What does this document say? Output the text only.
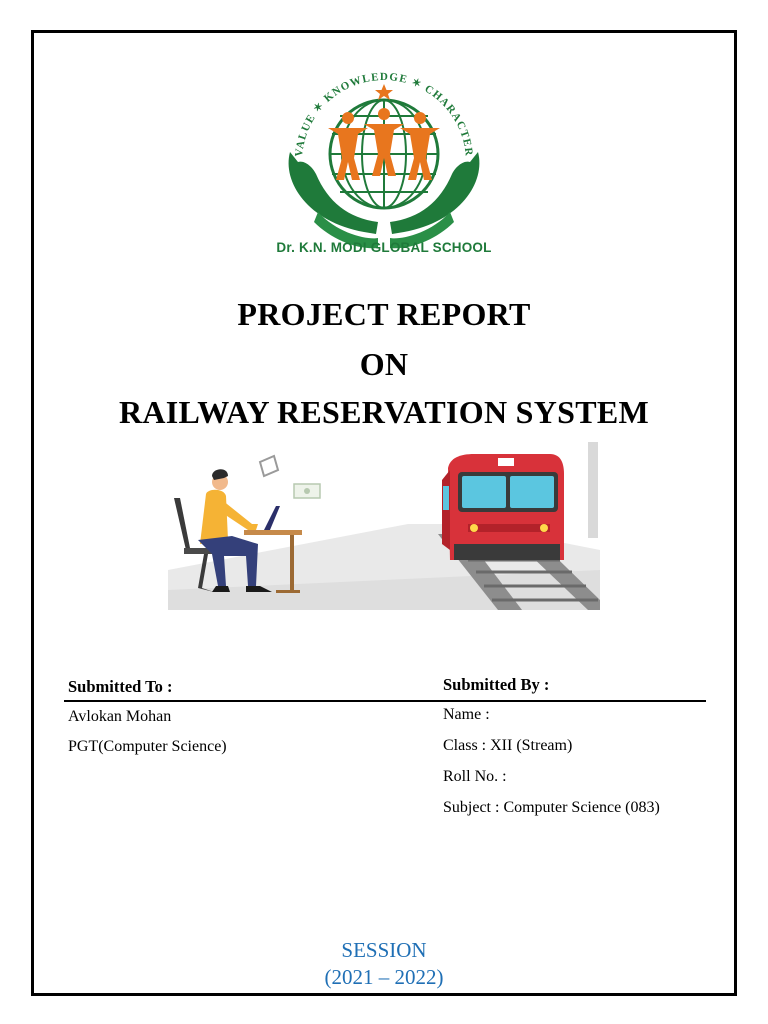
VALUE ✶ KNOWLEDGE ✶ CHARACTER
Dr. K.N. MODI GLOBAL SCHOOL
PROJECT REPORT
ON
RAILWAY RESERVATION SYSTEM
Submitted To :	Submitted By :
Avlokan Mohan
PGT(Computer Science)
Name :
Class : XII (Stream)
Roll No. :
Subject : Computer Science (083)
SESSION
(2021 – 2022)
